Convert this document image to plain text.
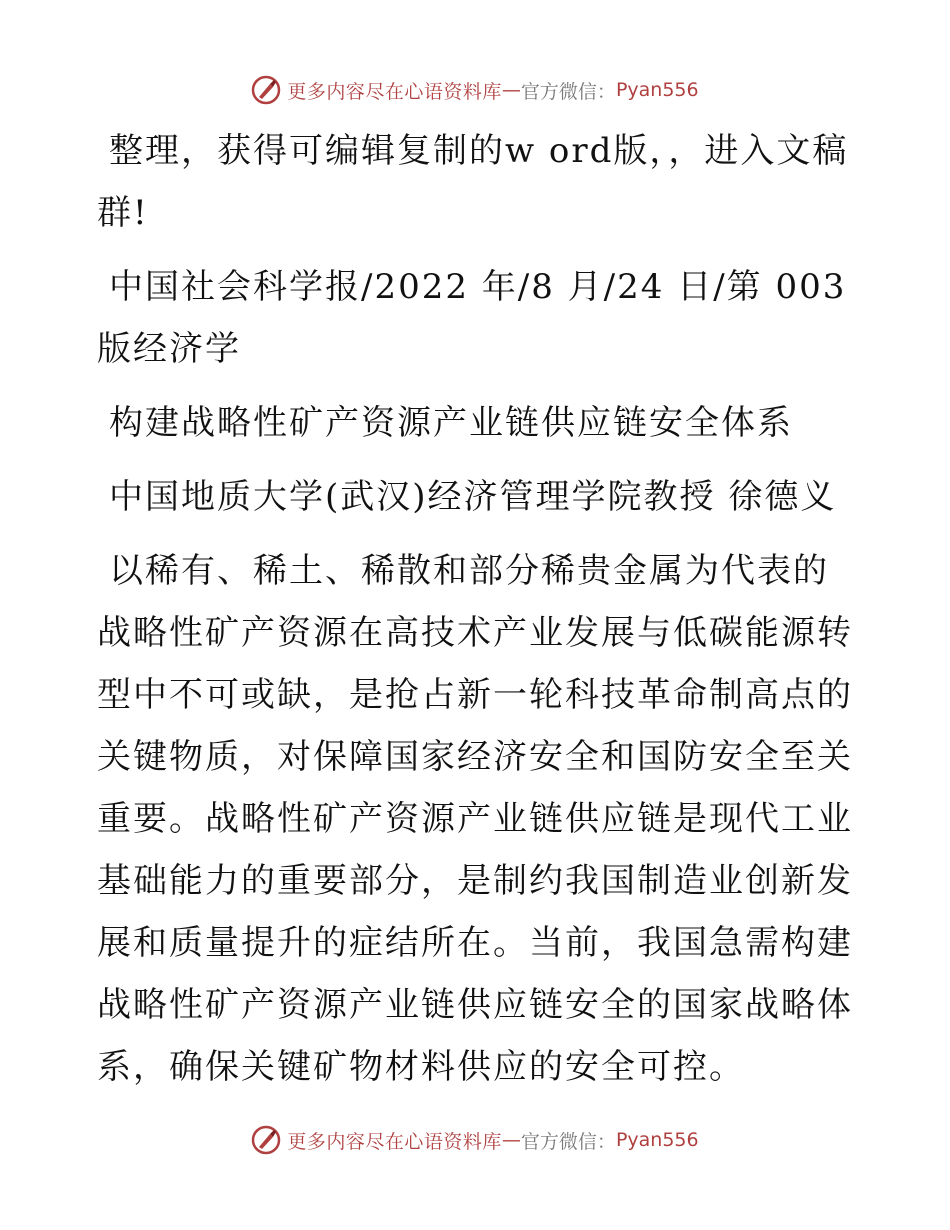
更多内容尽在心语资料库 — 官方微信： Pyan556

整理，获得可编辑复制的w ord版，，进入文稿群!

中国社会科学报/2022 年/8 月/24 日/第 003 版经济学

构建战略性矿产资源产业链供应链安全体系

中国地质大学(武汉)经济管理学院教授 徐德义

以稀有、稀土、稀散和部分稀贵金属为代表的战略性矿产资源在高技术产业发展与低碳能源转型中不可或缺，是抢占新一轮科技革命制高点的关键物质，对保障国家经济安全和国防安全至关重要。战略性矿产资源产业链供应链是现代工业基础能力的重要部分，是制约我国制造业创新发展和质量提升的症结所在。当前，我国急需构建战略性矿产资源产业链供应链安全的国家战略体系，确保关键矿物材料供应的安全可控。

更多内容尽在心语资料库 — 官方微信： Pyan556
